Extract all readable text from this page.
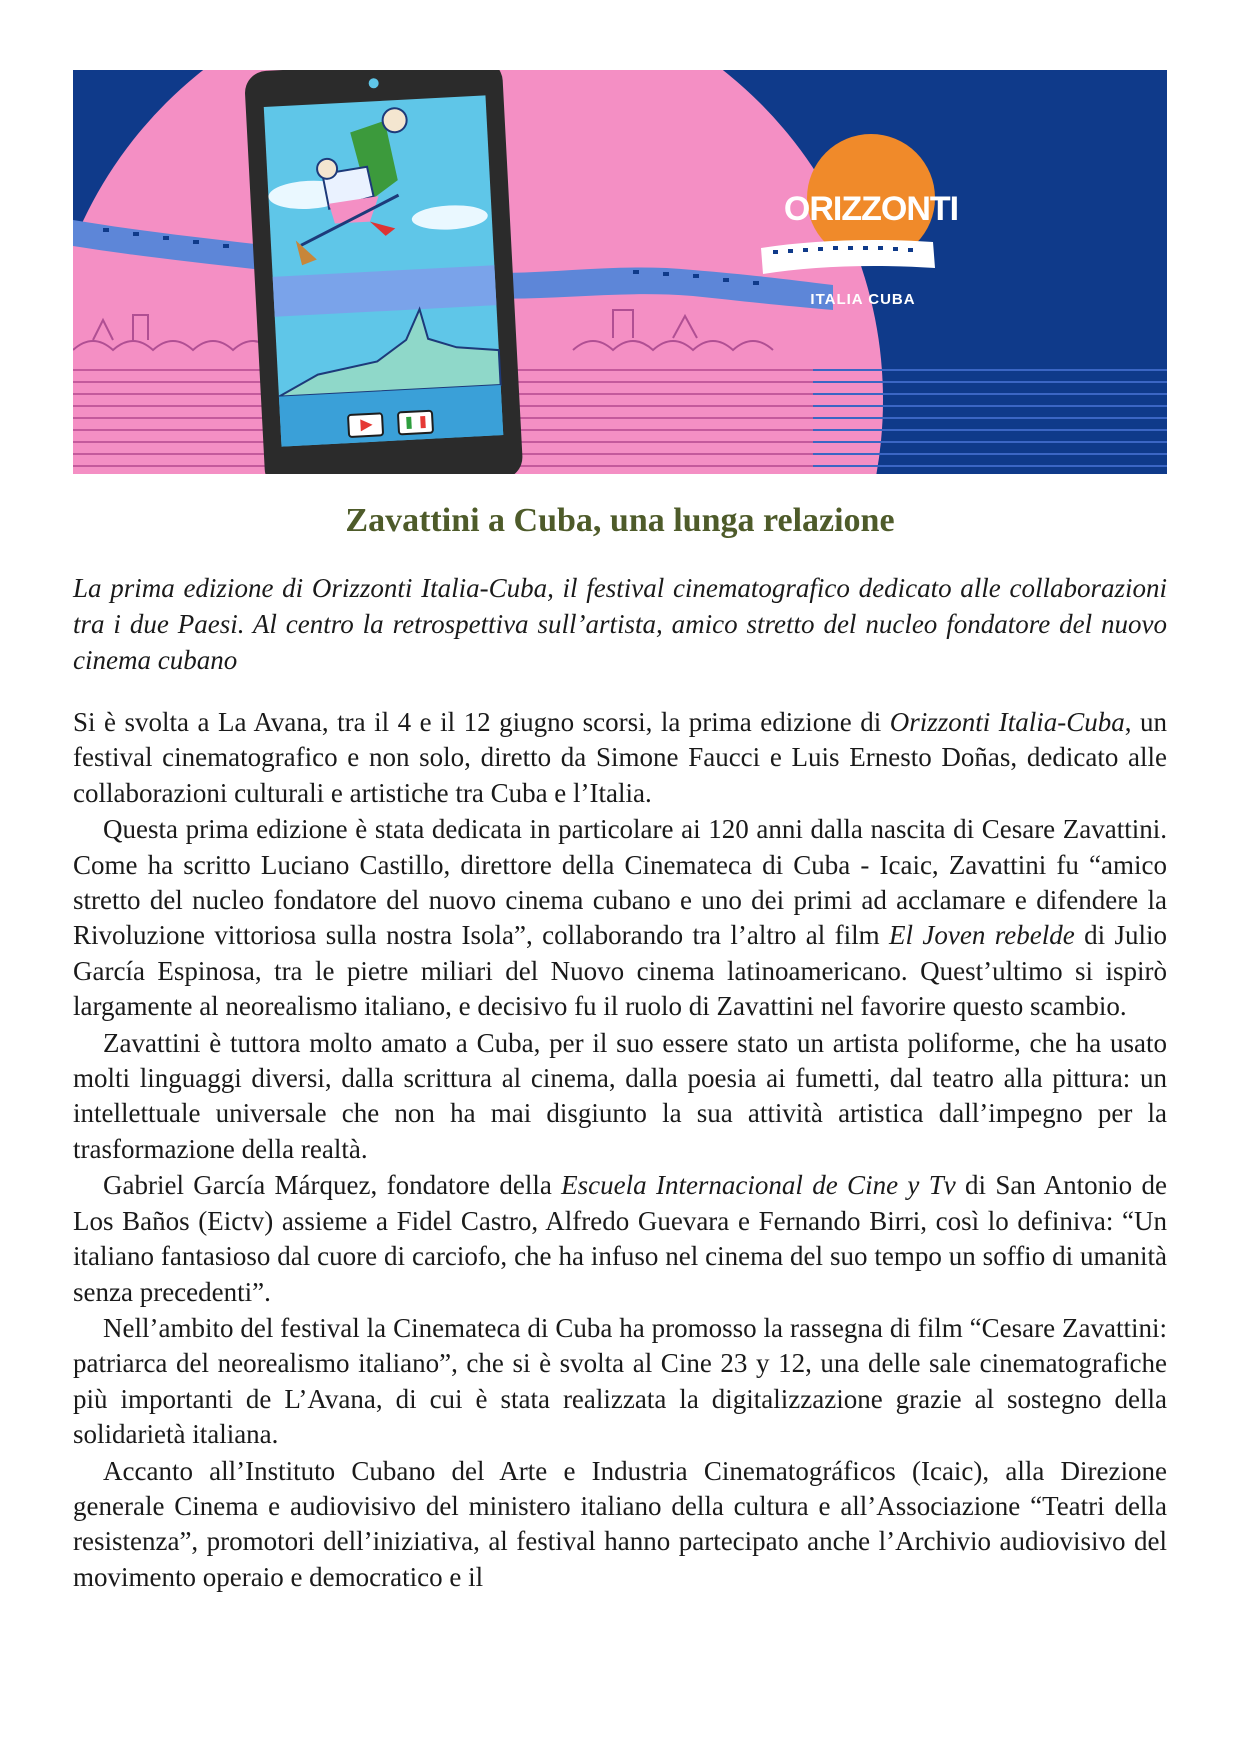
ORIZZONTI
ITALIA CUBA
Zavattini a Cuba, una lunga relazione

La prima edizione di Orizzonti Italia-Cuba, il festival cinematografico dedicato alle collaborazioni tra i due Paesi. Al centro la retrospettiva sull’artista, amico stretto del nucleo fondatore del nuovo cinema cubano

Si è svolta a La Avana, tra il 4 e il 12 giugno scorsi, la prima edizione di Orizzonti Italia-Cuba, un festival cinematografico e non solo, diretto da Simone Faucci e Luis Ernesto Doñas, dedicato alle collaborazioni culturali e artistiche tra Cuba e l’Italia.

Questa prima edizione è stata dedicata in particolare ai 120 anni dalla nascita di Cesare Zavattini. Come ha scritto Luciano Castillo, direttore della Cinemateca di Cuba - Icaic, Zavattini fu “amico stretto del nucleo fondatore del nuovo cinema cubano e uno dei primi ad acclamare e difendere la Rivoluzione vittoriosa sulla nostra Isola”, collaborando tra l’altro al film El Joven rebelde di Julio García Espinosa, tra le pietre miliari del Nuovo cinema latinoamericano. Quest’ultimo si ispirò largamente al neorealismo italiano, e decisivo fu il ruolo di Zavattini nel favorire questo scambio.

Zavattini è tuttora molto amato a Cuba, per il suo essere stato un artista poliforme, che ha usato molti linguaggi diversi, dalla scrittura al cinema, dalla poesia ai fumetti, dal teatro alla pittura: un intellettuale universale che non ha mai disgiunto la sua attività artistica dall’impegno per la trasformazione della realtà.

Gabriel García Márquez, fondatore della Escuela Internacional de Cine y Tv di San Antonio de Los Baños (Eictv) assieme a Fidel Castro, Alfredo Guevara e Fernando Birri, così lo definiva: “Un italiano fantasioso dal cuore di carciofo, che ha infuso nel cinema del suo tempo un soffio di umanità senza precedenti”.

Nell’ambito del festival la Cinemateca di Cuba ha promosso la rassegna di film “Cesare Zavattini: patriarca del neorealismo italiano”, che si è svolta al Cine 23 y 12, una delle sale cinematografiche più importanti de L’Avana, di cui è stata realizzata la digitalizzazione grazie al sostegno della solidarietà italiana.

Accanto all’Instituto Cubano del Arte e Industria Cinematográficos (Icaic), alla Direzione generale Cinema e audiovisivo del ministero italiano della cultura e all’Associazione “Teatri della resistenza”, promotori dell’iniziativa, al festival hanno partecipato anche l’Archivio audiovisivo del movimento operaio e democratico e il
